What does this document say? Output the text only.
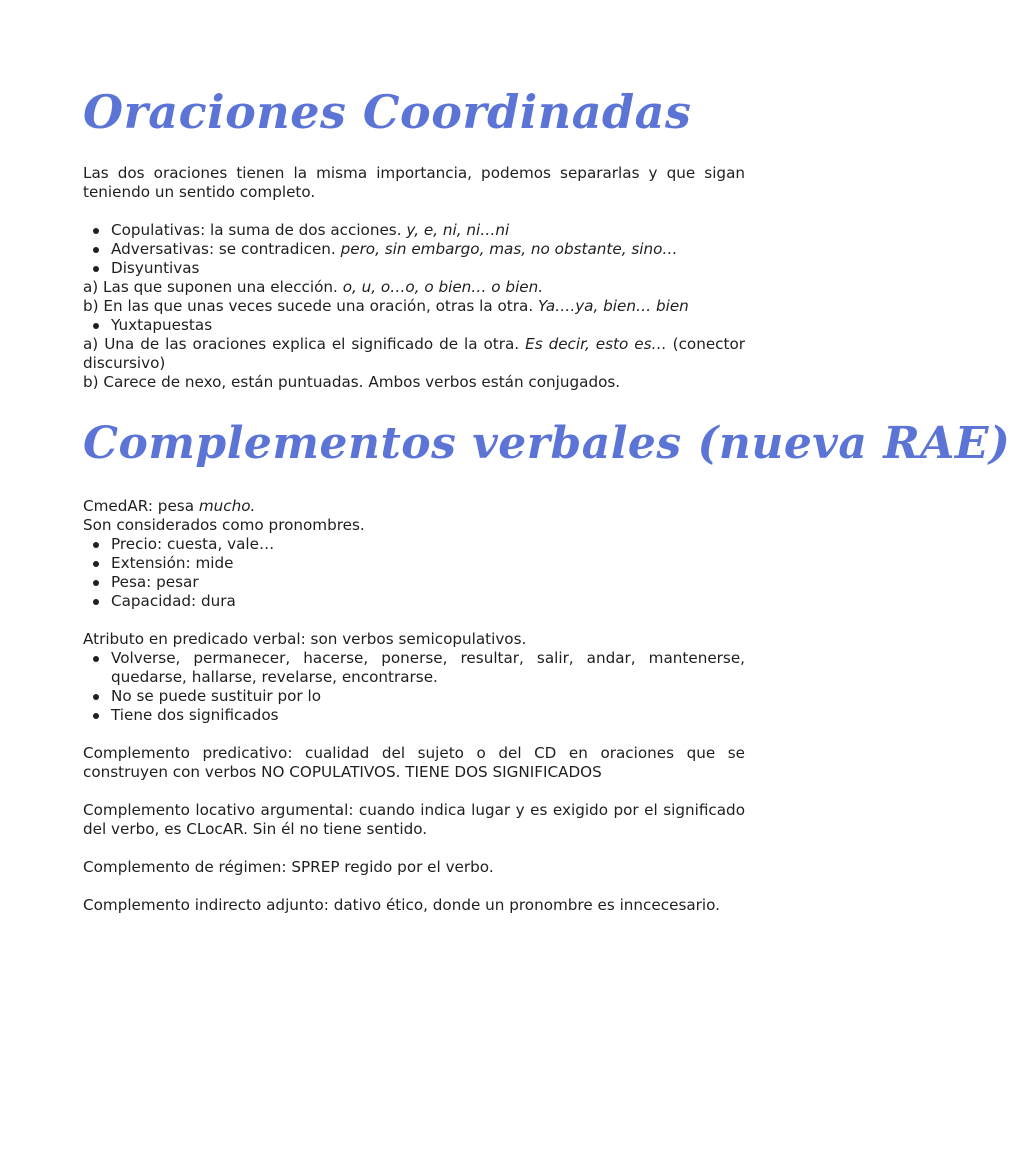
Oraciones Coordinadas

Las dos oraciones tienen la misma importancia, podemos separarlas y que sigan teniendo un sentido completo.

Copulativas: la suma de dos acciones. y, e, ni, ni…ni
Adversativas: se contradicen. pero, sin embargo, mas, no obstante, sino…
Disyuntivas

a) Las que suponen una elección. o, u, o…o, o bien… o bien.

b) En las que unas veces sucede una oración, otras la otra. Ya….ya, bien… bien

Yuxtapuestas

a) Una de las oraciones explica el significado de la otra. Es decir, esto es… (conector discursivo)

b) Carece de nexo, están puntuadas. Ambos verbos están conjugados.

Complementos verbales (nueva RAE)

CmedAR: pesa mucho.

Son considerados como pronombres.

Precio: cuesta, vale…
Extensión: mide
Pesa: pesar
Capacidad: dura

Atributo en predicado verbal: son verbos semicopulativos.

Volverse, permanecer, hacerse, ponerse, resultar, salir, andar, mantenerse, quedarse, hallarse, revelarse, encontrarse.
No se puede sustituir por lo
Tiene dos significados

Complemento predicativo: cualidad del sujeto o del CD en oraciones que se construyen con verbos NO COPULATIVOS. TIENE DOS SIGNIFICADOS

Complemento locativo argumental: cuando indica lugar y es exigido por el significado del verbo, es CLocAR. Sin él no tiene sentido.

Complemento de régimen: SPREP regido por el verbo.

Complemento indirecto adjunto: dativo ético, donde un pronombre es inncecesario.
